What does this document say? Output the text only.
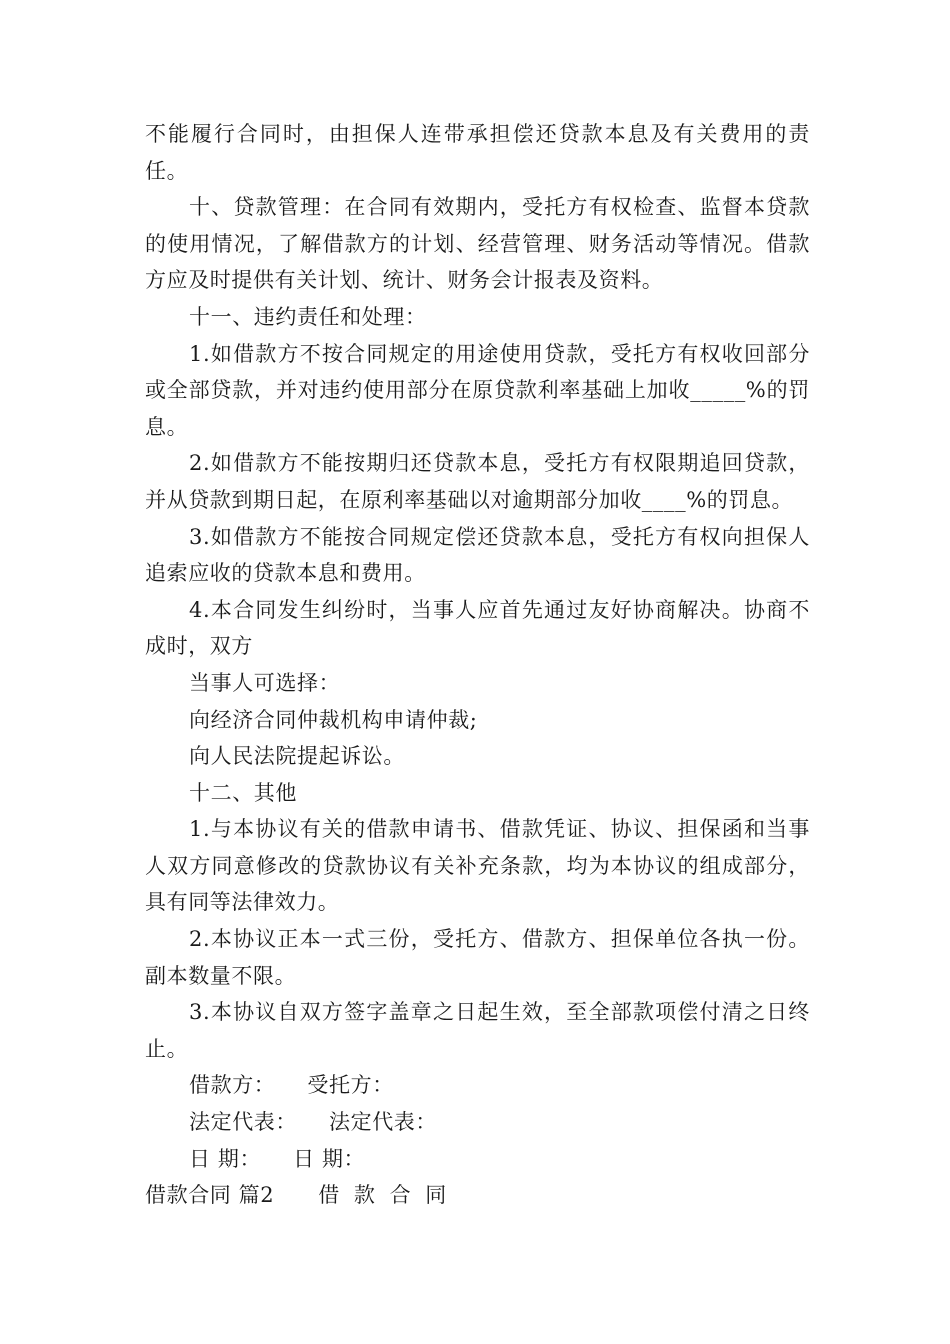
不能履行合同时，由担保人连带承担偿还贷款本息及有关费用的责任。

十、贷款管理：在合同有效期内，受托方有权检查、监督本贷款的使用情况，了解借款方的计划、经营管理、财务活动等情况。借款方应及时提供有关计划、统计、财务会计报表及资料。

十一、违约责任和处理：

1.如借款方不按合同规定的用途使用贷款，受托方有权收回部分或全部贷款，并对违约使用部分在原贷款利率基础上加收_____%的罚息。

2.如借款方不能按期归还贷款本息，受托方有权限期追回贷款，并从贷款到期日起，在原利率基础以对逾期部分加收____%的罚息。

3.如借款方不能按合同规定偿还贷款本息，受托方有权向担保人追索应收的贷款本息和费用。

4.本合同发生纠纷时，当事人应首先通过友好协商解决。协商不成时，双方

当事人可选择：

向经济合同仲裁机构申请仲裁;

向人民法院提起诉讼。

十二、其他

1.与本协议有关的借款申请书、借款凭证、协议、担保函和当事人双方同意修改的贷款协议有关补充条款，均为本协议的组成部分，具有同等法律效力。

2.本协议正本一式三份，受托方、借款方、担保单位各执一份。副本数量不限。

3.本协议自双方签字盖章之日起生效，至全部款项偿付清之日终止。

借款方： 受托方：
法定代表： 法定代表：
日 期： 日 期：
借款合同 篇2 借 款 合 同
